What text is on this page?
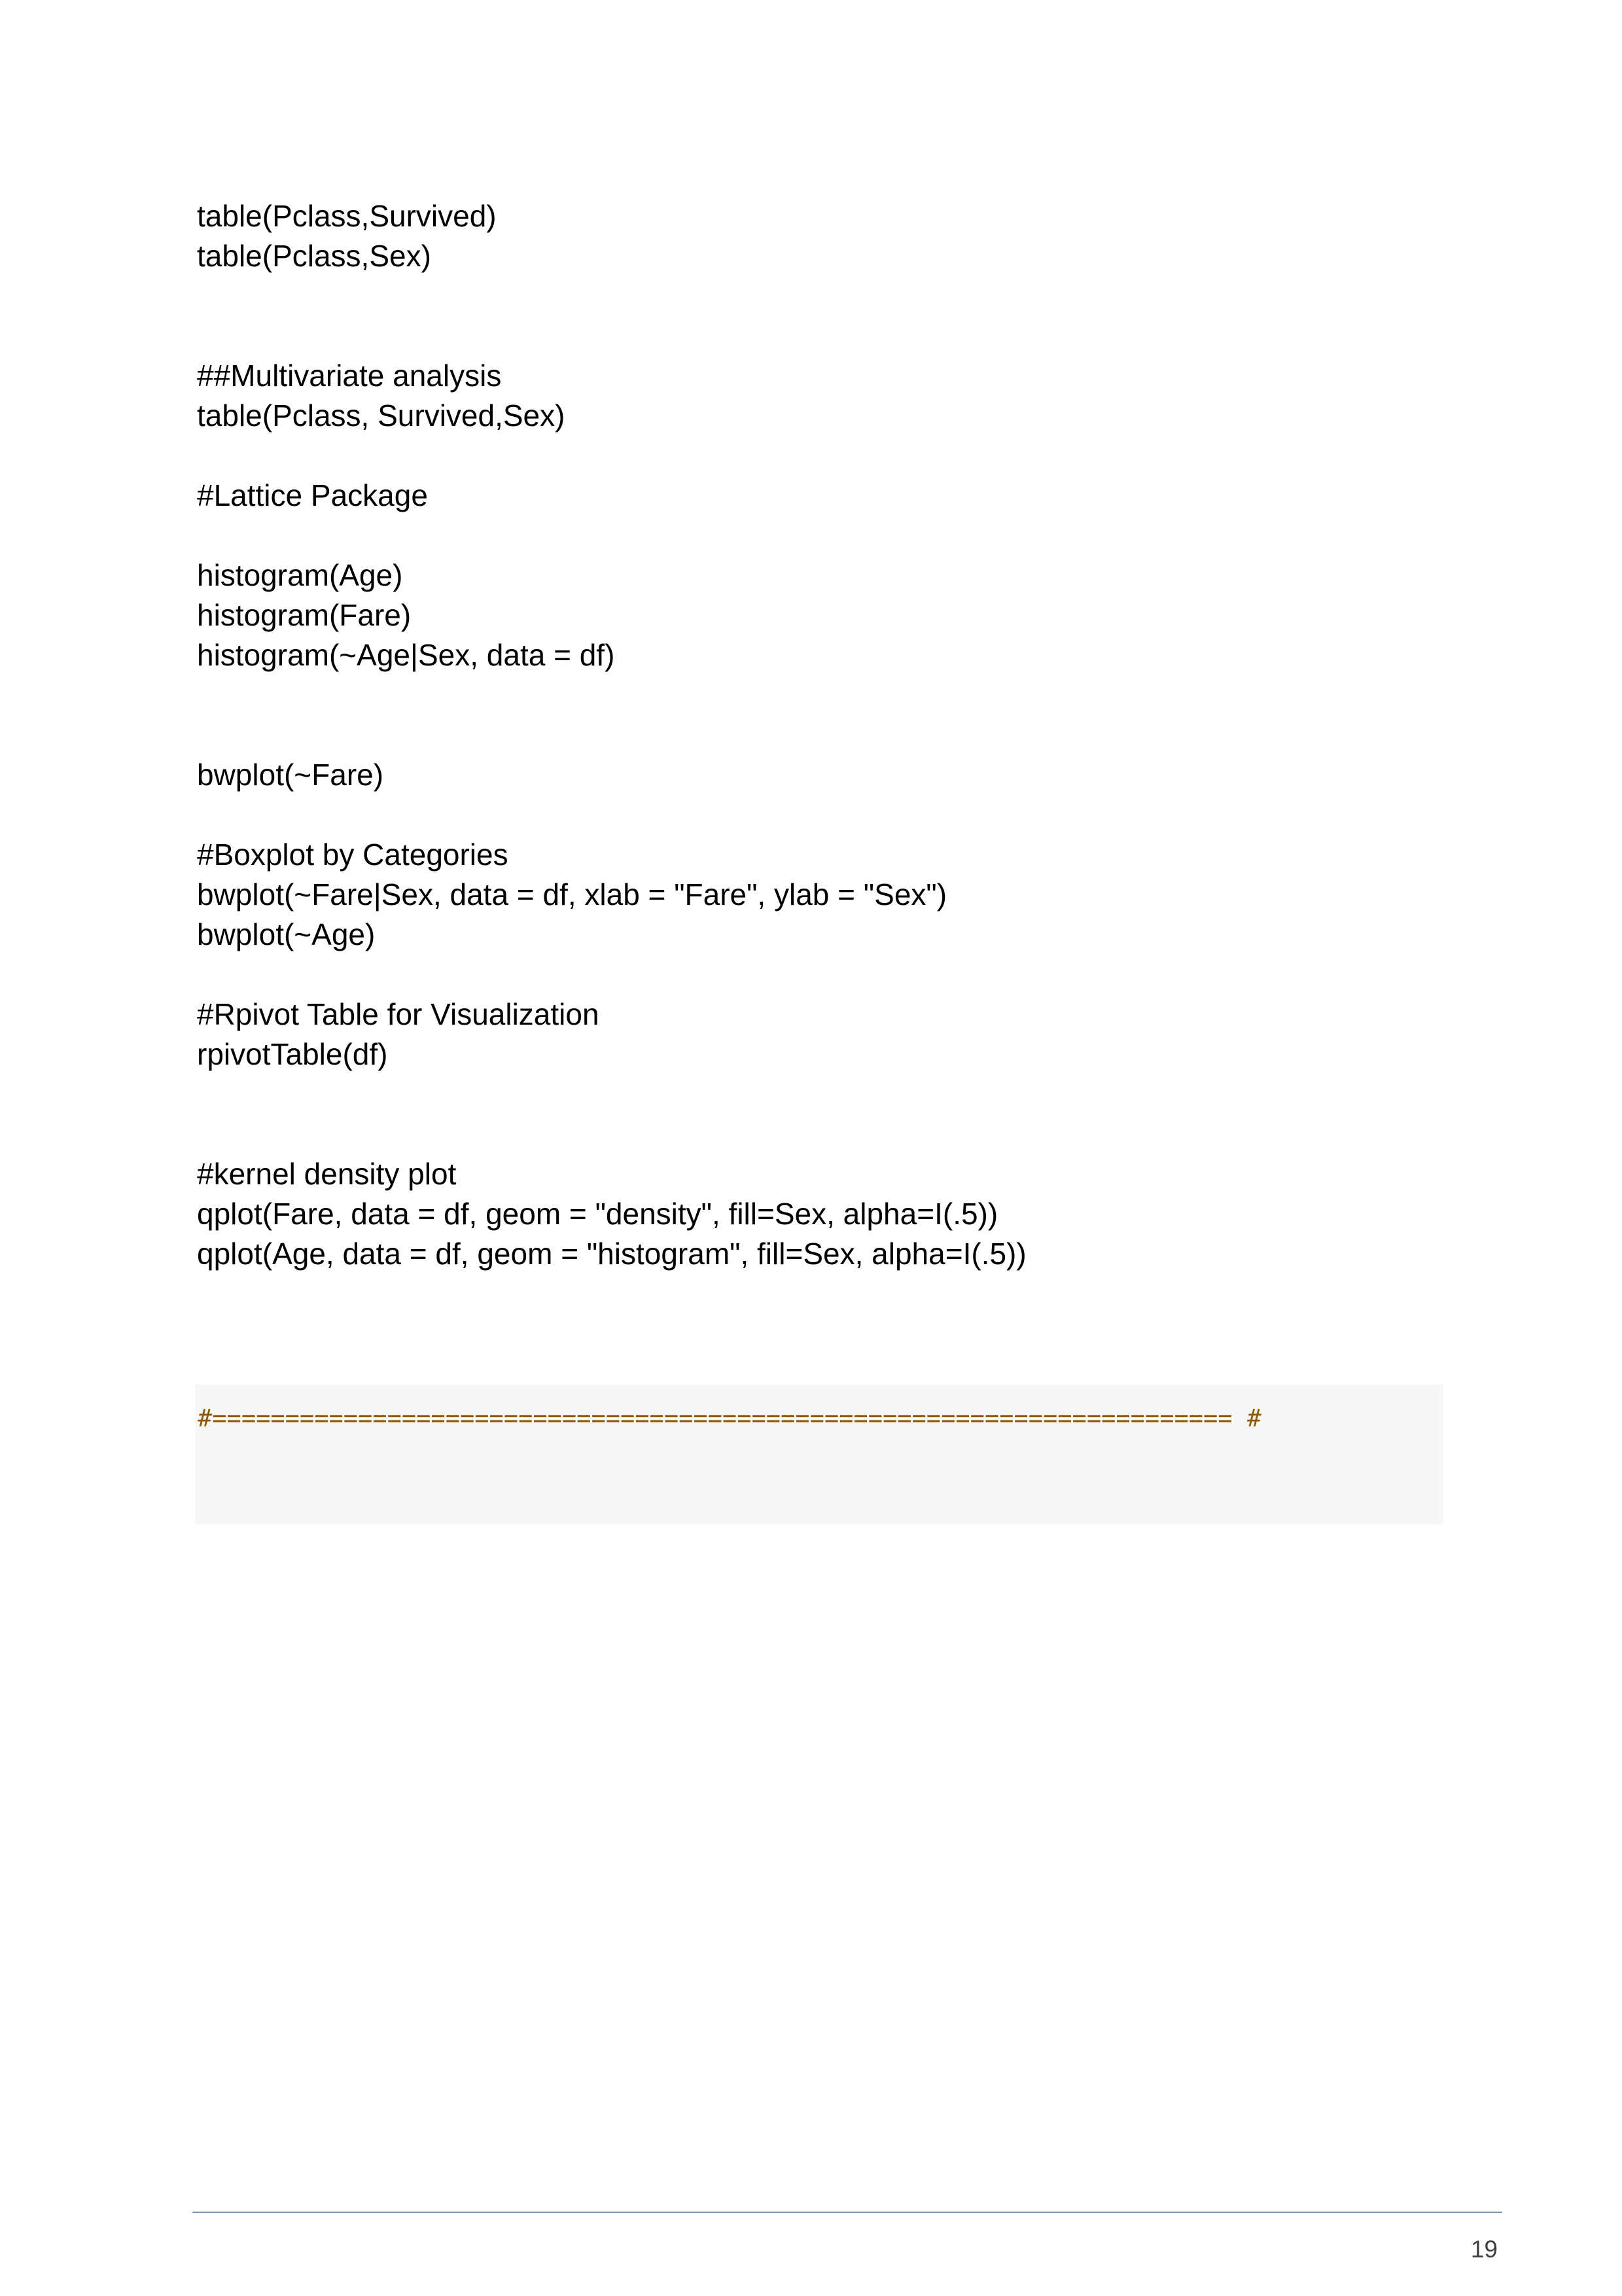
table(Pclass,Survived)
table(Pclass,Sex)
##Multivariate analysis
table(Pclass, Survived,Sex)
#Lattice Package
histogram(Age)
histogram(Fare)
histogram(~Age|Sex, data = df)
bwplot(~Fare)
#Boxplot by Categories
bwplot(~Fare|Sex, data = df, xlab = "Fare", ylab = "Sex")
bwplot(~Age)
#Rpivot Table for Visualization
rpivotTable(df)
#kernel density plot
qplot(Fare, data = df, geom = "density", fill=Sex, alpha=I(.5))
qplot(Age, data = df, geom = "histogram", fill=Sex, alpha=I(.5))
#====================================================================== #
19
